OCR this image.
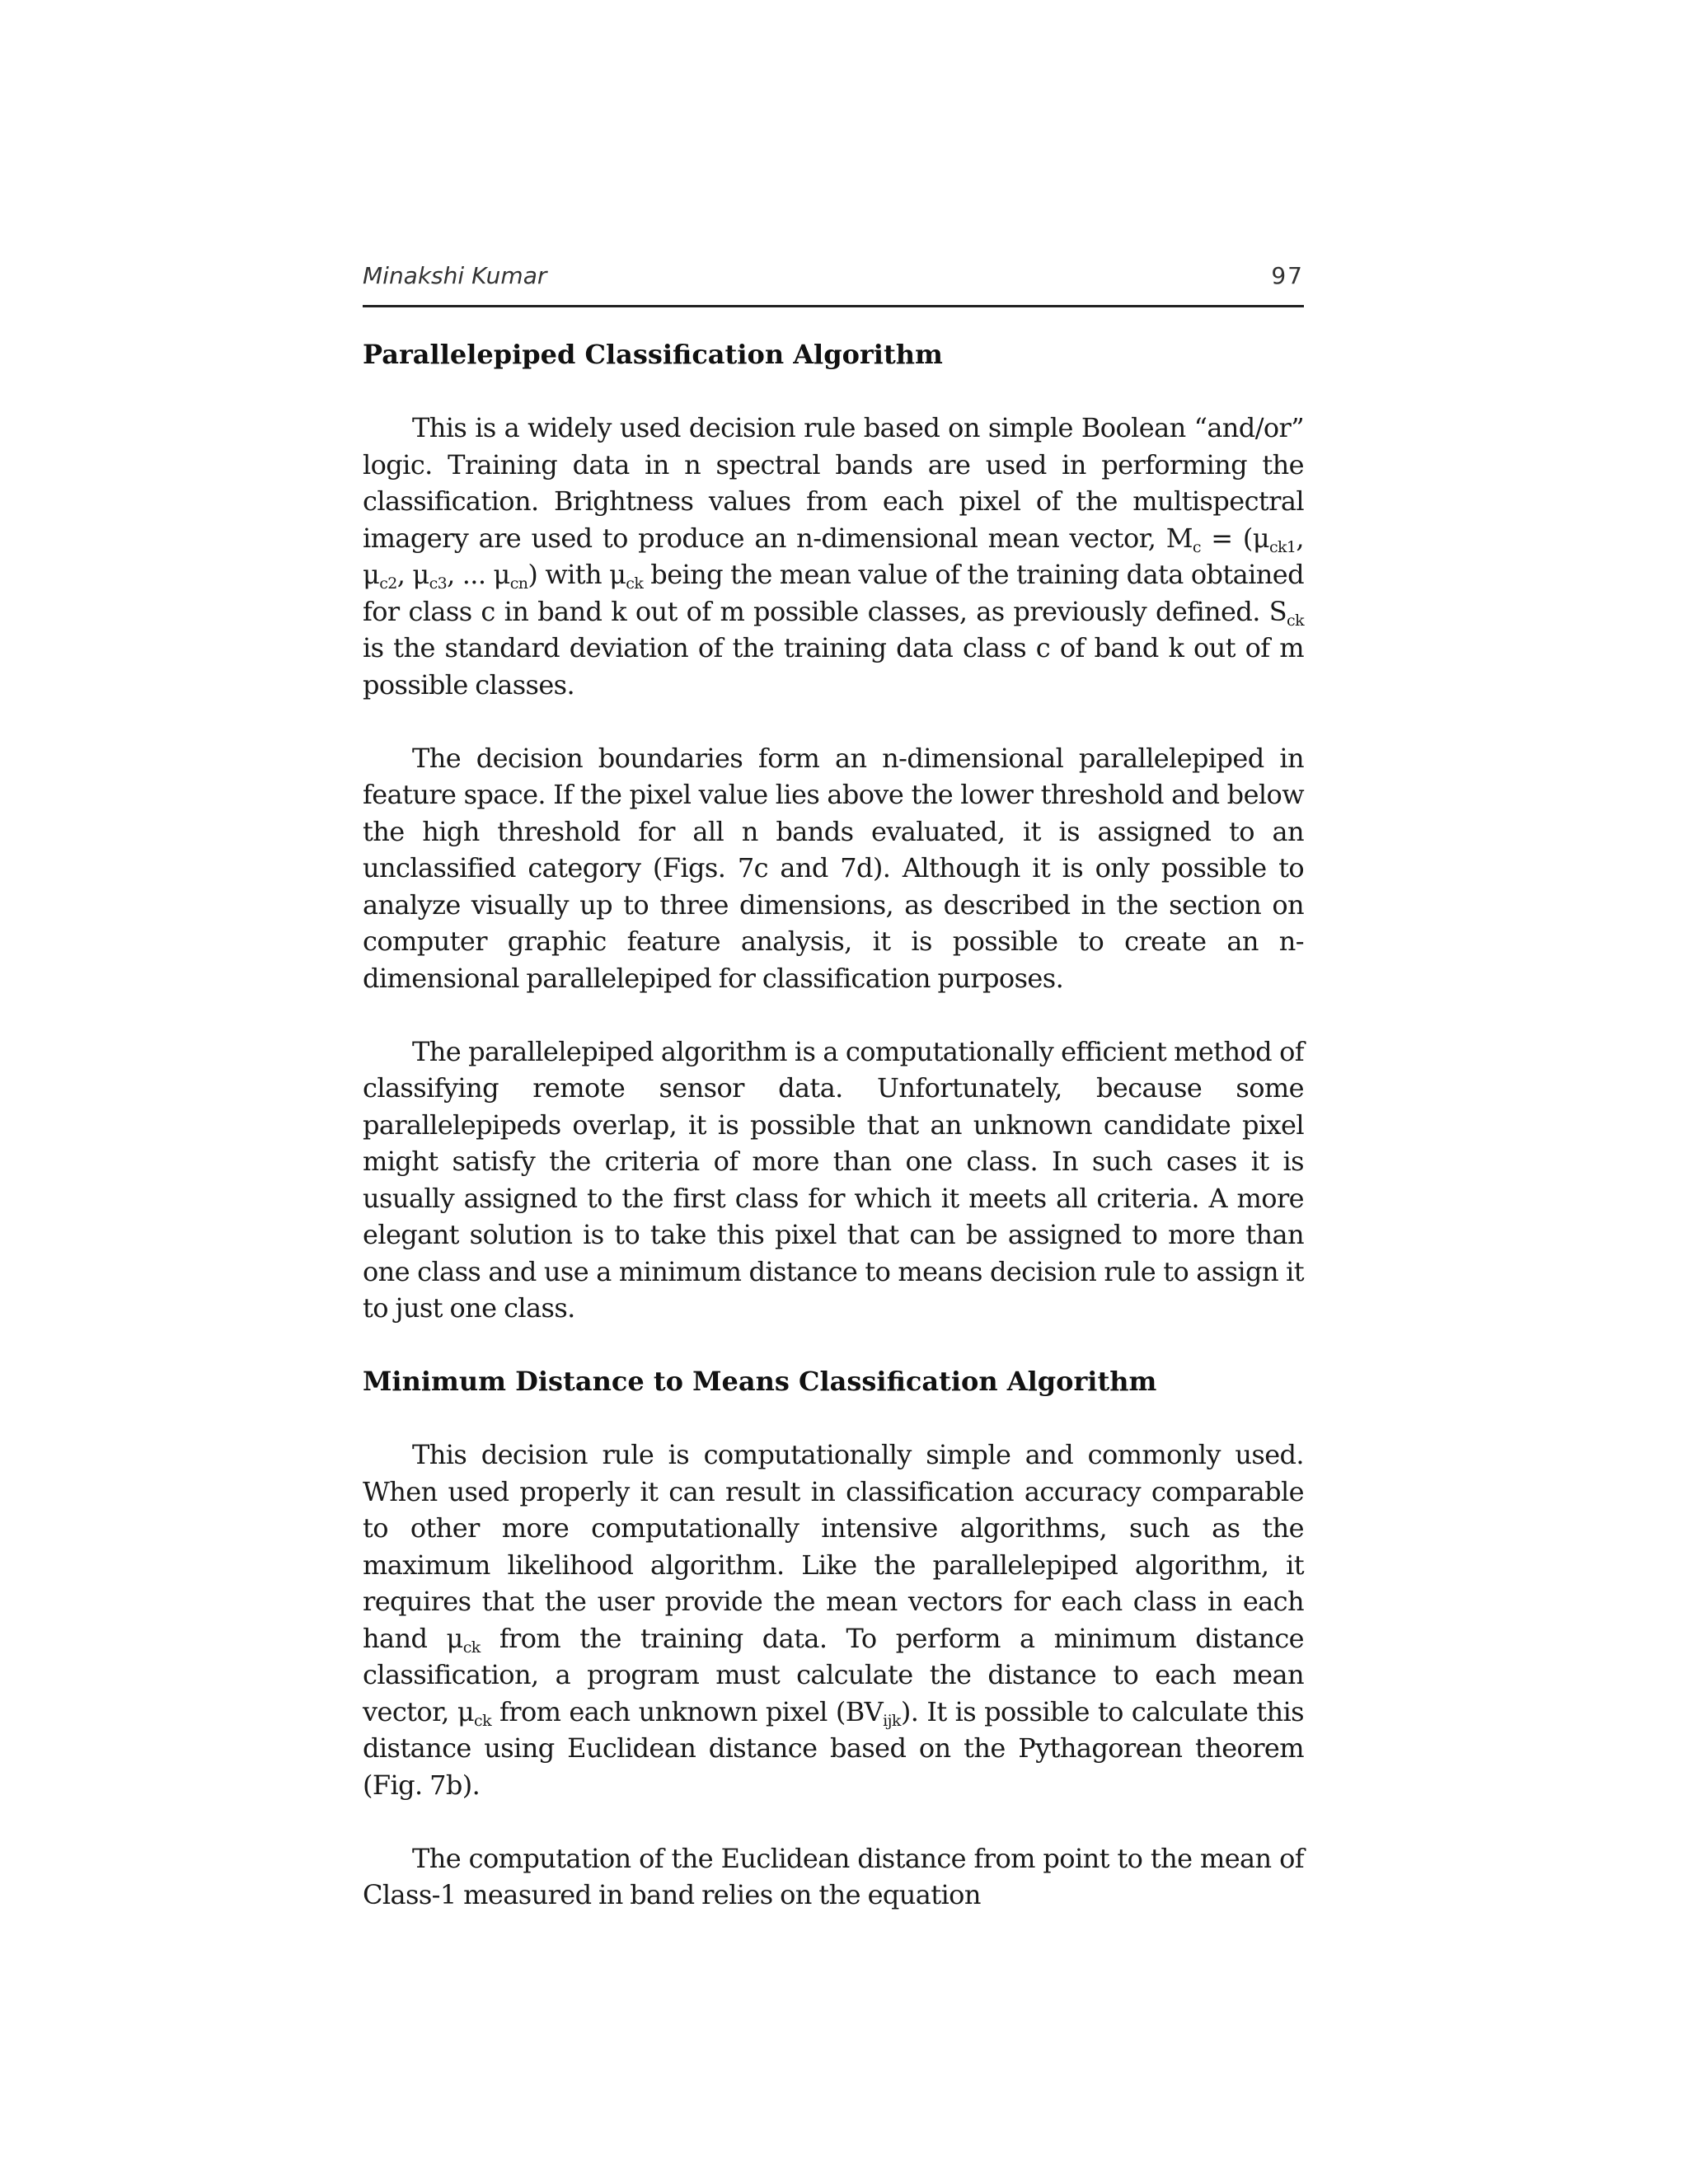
Minakshi Kumar	97
Parallelepiped Classification Algorithm

This is a widely used decision rule based on simple Boolean “and/or” logic. Training data in n spectral bands are used in performing the classification. Brightness values from each pixel of the multispectral imagery are used to produce an n-dimensional mean vector, $M_c = (\mu_{ck1}$, $\mu_{c2}$, $\mu_{c3}$, ... $\mu_{cn}$) with $\mu_{ck}$ being the mean value of the training data obtained for class c in band k out of m possible classes, as previously defined. $S_{ck}$ is the standard deviation of the training data class c of band k out of m possible classes.

The decision boundaries form an n-dimensional parallelepiped in feature space. If the pixel value lies above the lower threshold and below the high threshold for all n bands evaluated, it is assigned to an unclassified category (Figs. 7c and 7d). Although it is only possible to analyze visually up to three dimensions, as described in the section on computer graphic feature analysis, it is possible to create an n-dimensional parallelepiped for classification purposes.

The parallelepiped algorithm is a computationally efficient method of classifying remote sensor data. Unfortunately, because some parallelepipeds overlap, it is possible that an unknown candidate pixel might satisfy the criteria of more than one class. In such cases it is usually assigned to the first class for which it meets all criteria. A more elegant solution is to take this pixel that can be assigned to more than one class and use a minimum distance to means decision rule to assign it to just one class.

Minimum Distance to Means Classification Algorithm

This decision rule is computationally simple and commonly used. When used properly it can result in classification accuracy comparable to other more computationally intensive algorithms, such as the maximum likelihood algorithm. Like the parallelepiped algorithm, it requires that the user provide the mean vectors for each class in each hand $\mu_{ck}$ from the training data. To perform a minimum distance classification, a program must calculate the distance to each mean vector, $\mu_{ck}$ from each unknown pixel $(BV_{ijk})$. It is possible to calculate this distance using Euclidean distance based on the Pythagorean theorem (Fig. 7b).

The computation of the Euclidean distance from point to the mean of Class-1 measured in band relies on the equation
